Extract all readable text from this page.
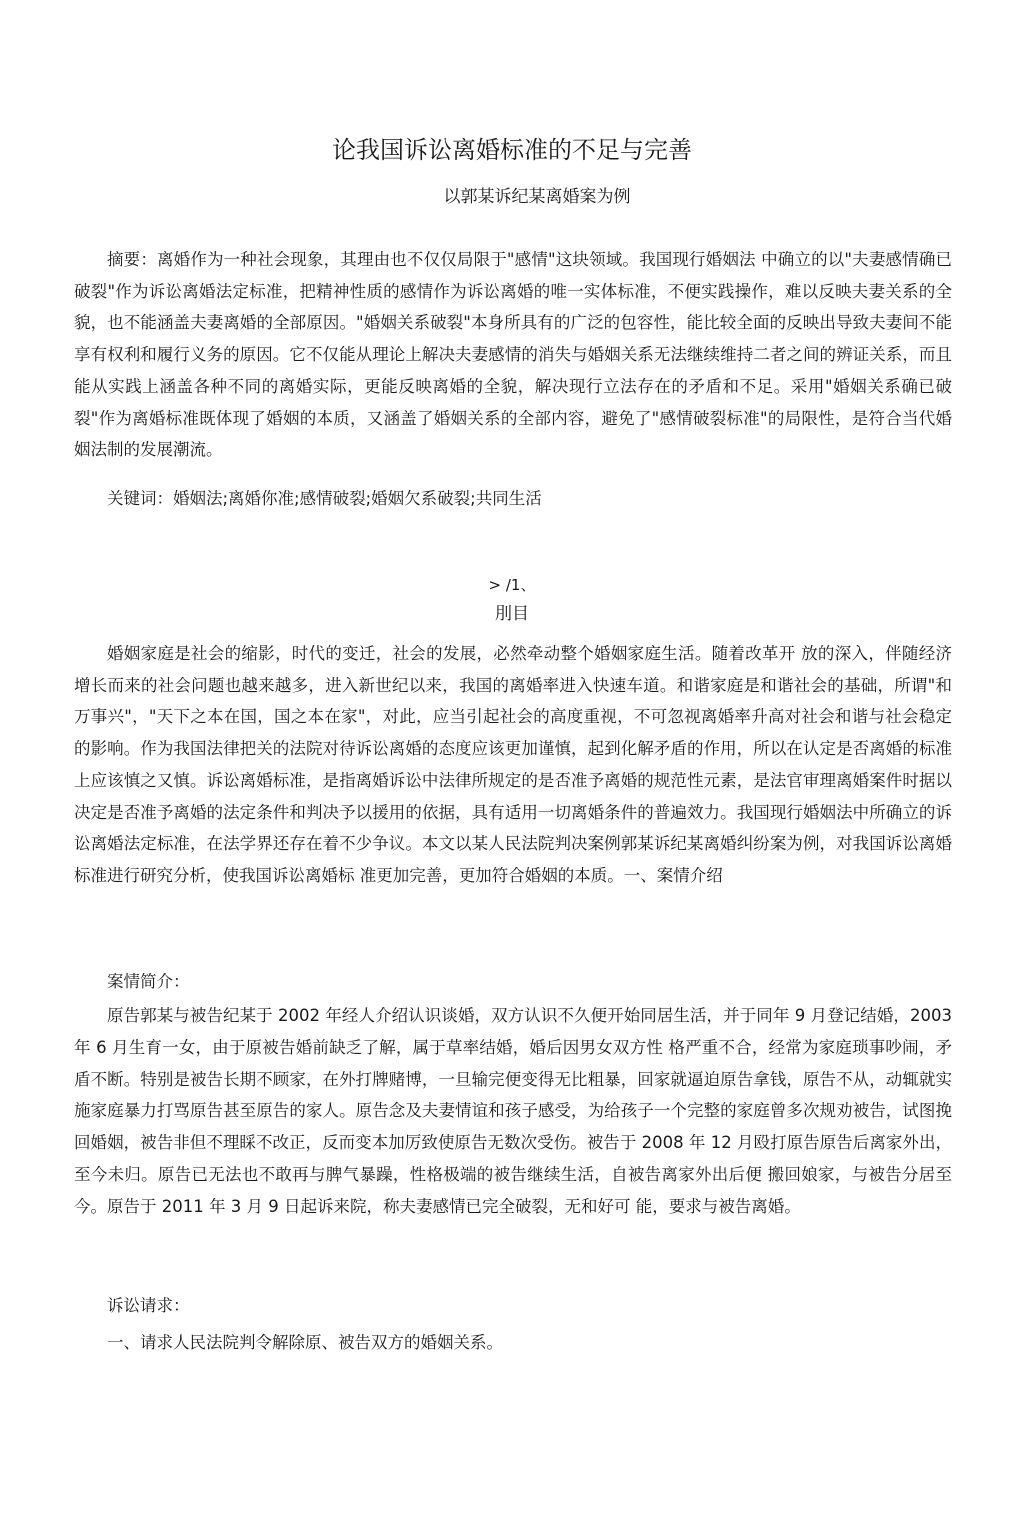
论我国诉讼离婚标准的不足与完善
以郭某诉纪某离婚案为例

摘要：离婚作为一种社会现象，其理由也不仅仅局限于"感情"这块领域。我国现行婚姻法 中确立的以"夫妻感情确已破裂"作为诉讼离婚法定标准，把精神性质的感情作为诉讼离婚的唯一实体标准，不便实践操作，难以反映夫妻关系的全貌，也不能涵盖夫妻离婚的全部原因。"婚姻关系破裂"本身所具有的广泛的包容性，能比较全面的反映出导致夫妻间不能享有权利和履行义务的原因。它不仅能从理论上解决夫妻感情的消失与婚姻关系无法继续维持二者之间的辨证关系，而且能从实践上涵盖各种不同的离婚实际，更能反映离婚的全貌，解决现行立法存在的矛盾和不足。采用"婚姻关系确已破裂"作为离婚标准既体现了婚姻的本质，又涵盖了婚姻关系的全部内容，避免了"感情破裂标准"的局限性，是符合当代婚姻法制的发展潮流。

关键词：婚姻法;离婚你准;感情破裂;婚姻欠系破裂;共同生活
> /1、
刖目

婚姻家庭是社会的缩影，时代的变迁，社会的发展，必然牵动整个婚姻家庭生活。随着改革开 放的深入，伴随经济增长而来的社会问题也越来越多，进入新世纪以来，我国的离婚率进入快速车道。和谐家庭是和谐社会的基础，所谓"和万事兴"，"天下之本在国，国之本在家"，对此，应当引起社会的高度重视，不可忽视离婚率升高对社会和谐与社会稳定的影响。作为我国法律把关的法院对待诉讼离婚的态度应该更加谨慎，起到化解矛盾的作用，所以在认定是否离婚的标准上应该慎之又慎。诉讼离婚标准，是指离婚诉讼中法律所规定的是否准予离婚的规范性元素，是法官审理离婚案件时据以决定是否准予离婚的法定条件和判决予以援用的依据，具有适用一切离婚条件的普遍效力。我国现行婚姻法中所确立的诉讼离婚法定标准，在法学界还存在着不少争议。本文以某人民法院判决案例郭某诉纪某离婚纠纷案为例，对我国诉讼离婚标准进行研究分析，使我国诉讼离婚标 准更加完善，更加符合婚姻的本质。一、案情介绍

案情简介：

原告郭某与被告纪某于 2002 年经人介绍认识谈婚，双方认识不久便开始同居生活，并于同年 9 月登记结婚，2003 年 6 月生育一女，由于原被告婚前缺乏了解，属于草率结婚，婚后因男女双方性 格严重不合，经常为家庭琐事吵闹，矛盾不断。特别是被告长期不顾家，在外打牌赌博，一旦输完便变得无比粗暴，回家就逼迫原告拿钱，原告不从，动辄就实施家庭暴力打骂原告甚至原告的家人。原告念及夫妻情谊和孩子感受，为给孩子一个完整的家庭曾多次规劝被告，试图挽回婚姻，被告非但不理睬不改正，反而变本加厉致使原告无数次受伤。被告于 2008 年 12 月殴打原告原告后离家外出，至今未归。原告已无法也不敢再与脾气暴躁，性格极端的被告继续生活，自被告离家外出后便 搬回娘家，与被告分居至今。原告于 2011 年 3 月 9 日起诉来院，称夫妻感情已完全破裂，无和好可 能，要求与被告离婚。

诉讼请求：
一、请求人民法院判令解除原、被告双方的婚姻关系。
